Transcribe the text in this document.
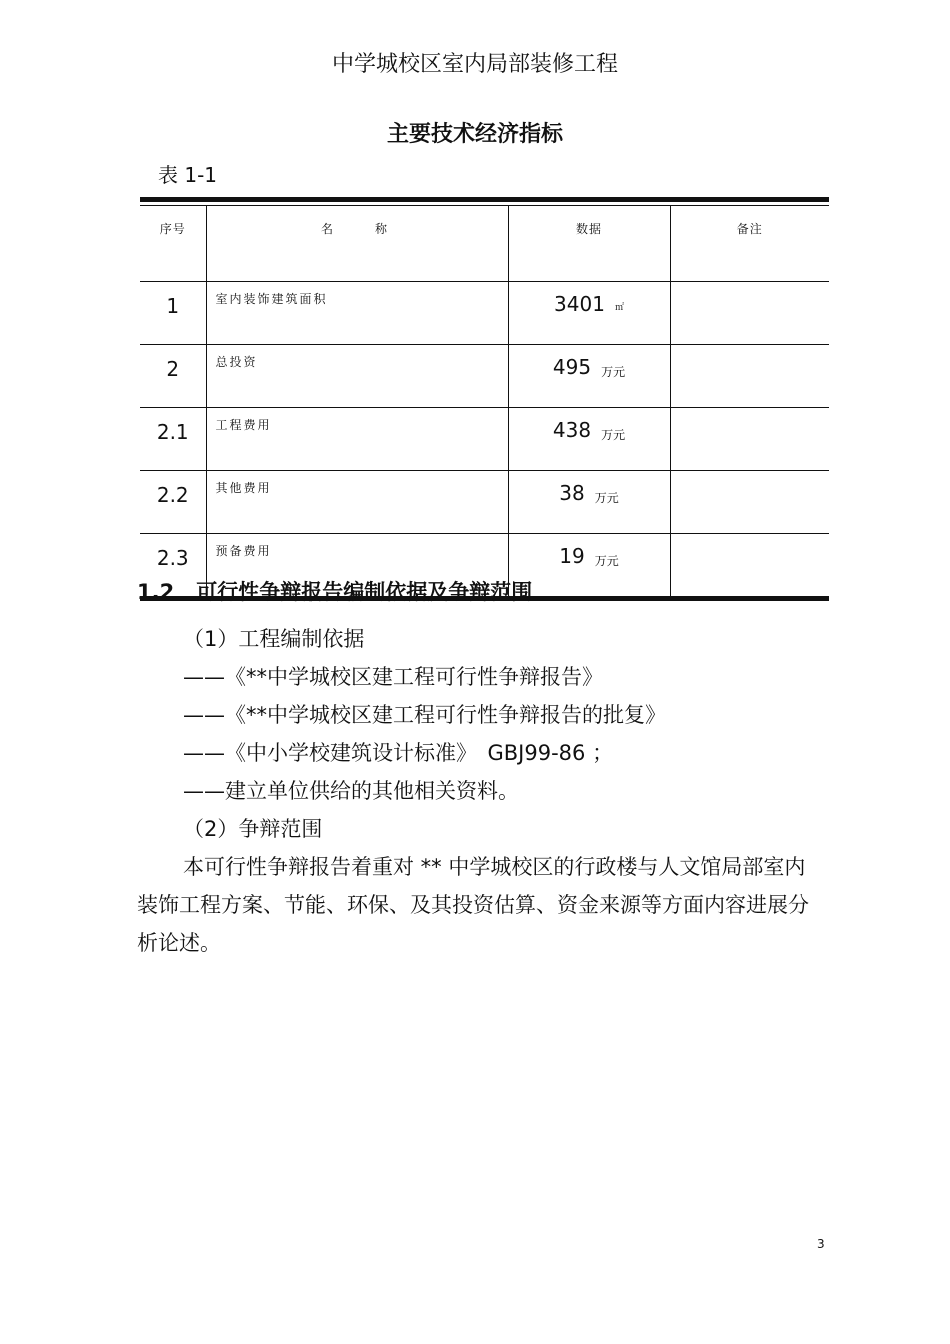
中学城校区室内局部装修工程
主要技术经济指标
表 1-1
序号	名　　称	数据	备注
1	室内装饰建筑面积	3401 ㎡	
2	总投资	495 万元	
2.1	工程费用	438 万元	
2.2	其他费用	38 万元	
2.3	预备费用	19 万元	
1.2 可行性争辩报告编制依据及争辩范围
（1）工程编制依据
——《**中学城校区建工程可行性争辩报告》
——《**中学城校区建工程可行性争辩报告的批复》
——《中小学校建筑设计标准》　GBJ99-86 ；
——建立单位供给的其他相关资料。
（2）争辩范围
本可行性争辩报告着重对 ** 中学城校区的行政楼与人文馆局部室内装饰工程方案、节能、环保、及其投资估算、资金来源等方面内容进展分析论述。
3
